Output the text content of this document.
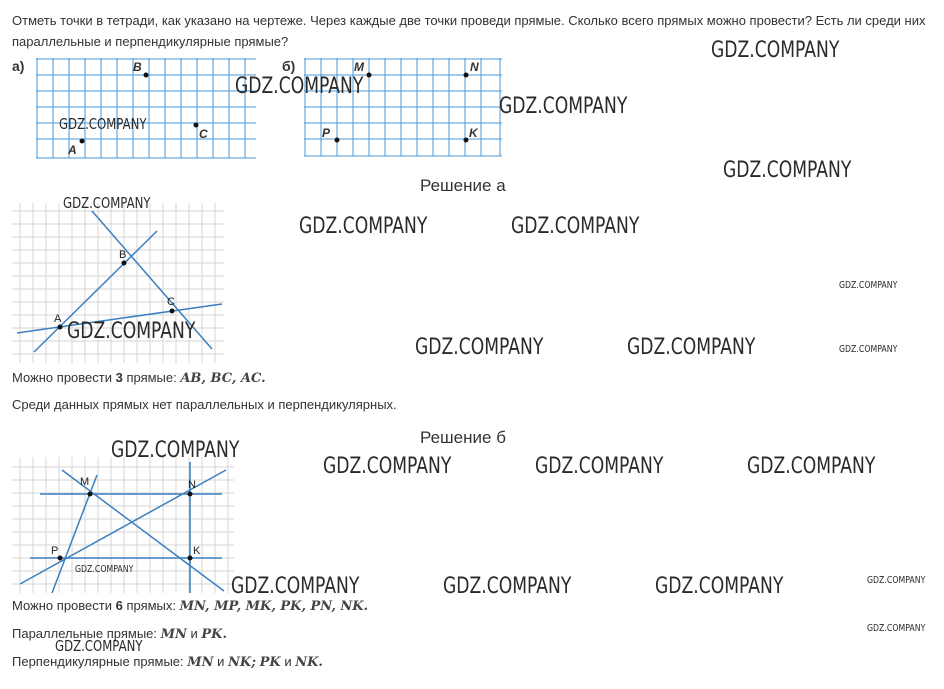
Отметь точки в тетради, как указано на чертеже. Через каждые две точки проведи прямые. Сколько всего прямых можно провести? Есть ли среди них параллельные и перпендикулярные прямые?
а)	B
C
A
б)	M	N
P	K
Решение а
B
C
A
Можно провести 3 прямые: AB, BC, AC.
Среди данных прямых нет параллельных и перпендикулярных.
Решение б
M	N
P	K
Можно провести 6 прямых: MN, MP, MK, PK, PN, NK.
Параллельные прямые: MN и PK.
Перпендикулярные прямые: MN и NK; PK и NK.
GDZ.COMPANY
GDZ.COMPANY
GDZ.COMPANY
GDZ.COMPANY
GDZ.COMPANY
GDZ.COMPANY
GDZ.COMPANY	GDZ.COMPANY
GDZ.COMPANY
GDZ.COMPANY
GDZ.COMPANY	GDZ.COMPANY	GDZ.COMPANY
GDZ.COMPANY
GDZ.COMPANY	GDZ.COMPANY	GDZ.COMPANY
GDZ.COMPANY
GDZ.COMPANY	GDZ.COMPANY	GDZ.COMPANY	GDZ.COMPANY
GDZ.COMPANY
GDZ.COMPANY
